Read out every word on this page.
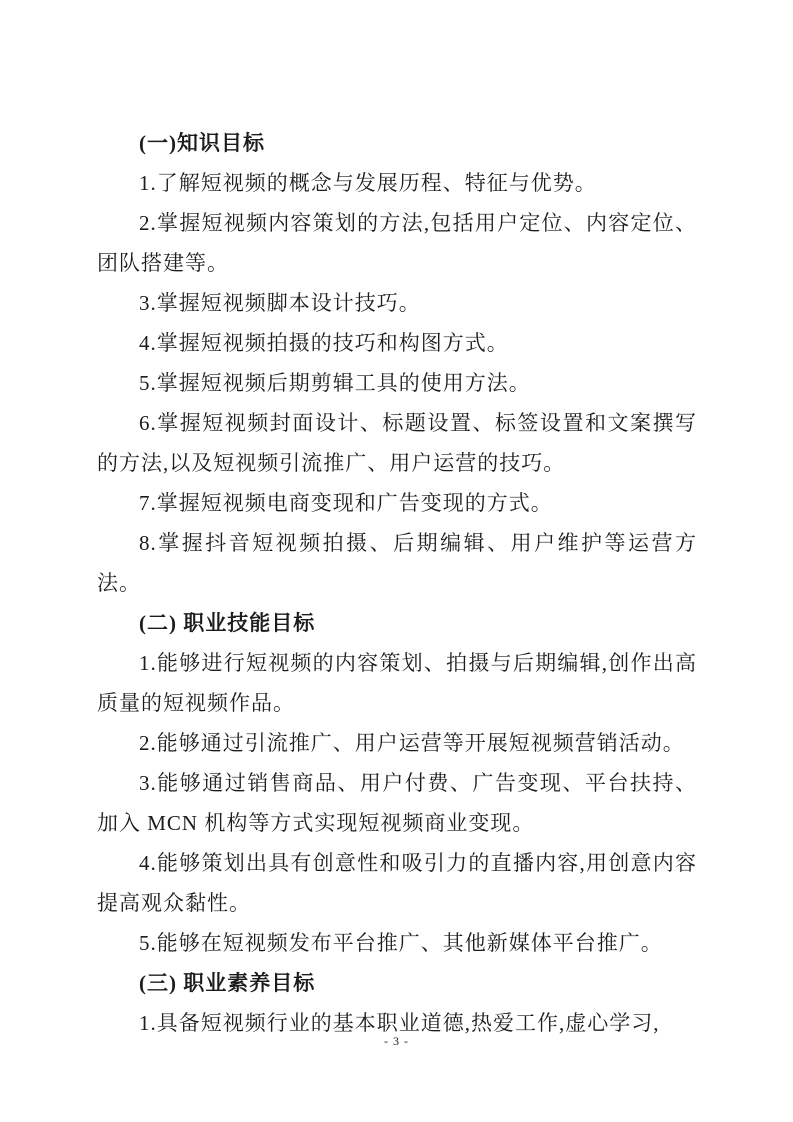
(一)知识目标

1.了解短视频的概念与发展历程、特征与优势。

2.掌握短视频内容策划的方法,包括用户定位、内容定位、团队搭建等。

3.掌握短视频脚本设计技巧。

4.掌握短视频拍摄的技巧和构图方式。

5.掌握短视频后期剪辑工具的使用方法。

6.掌握短视频封面设计、标题设置、标签设置和文案撰写的方法,以及短视频引流推广、用户运营的技巧。

7.掌握短视频电商变现和广告变现的方式。

8.掌握抖音短视频拍摄、后期编辑、用户维护等运营方法。

(二) 职业技能目标

1.能够进行短视频的内容策划、拍摄与后期编辑,创作出高质量的短视频作品。

2.能够通过引流推广、用户运营等开展短视频营销活动。

3.能够通过销售商品、用户付费、广告变现、平台扶持、加入 MCN 机构等方式实现短视频商业变现。

4.能够策划出具有创意性和吸引力的直播内容,用创意内容提高观众黏性。

5.能够在短视频发布平台推广、其他新媒体平台推广。

(三) 职业素养目标

1.具备短视频行业的基本职业道德,热爱工作,虚心学习,

- 3 -
